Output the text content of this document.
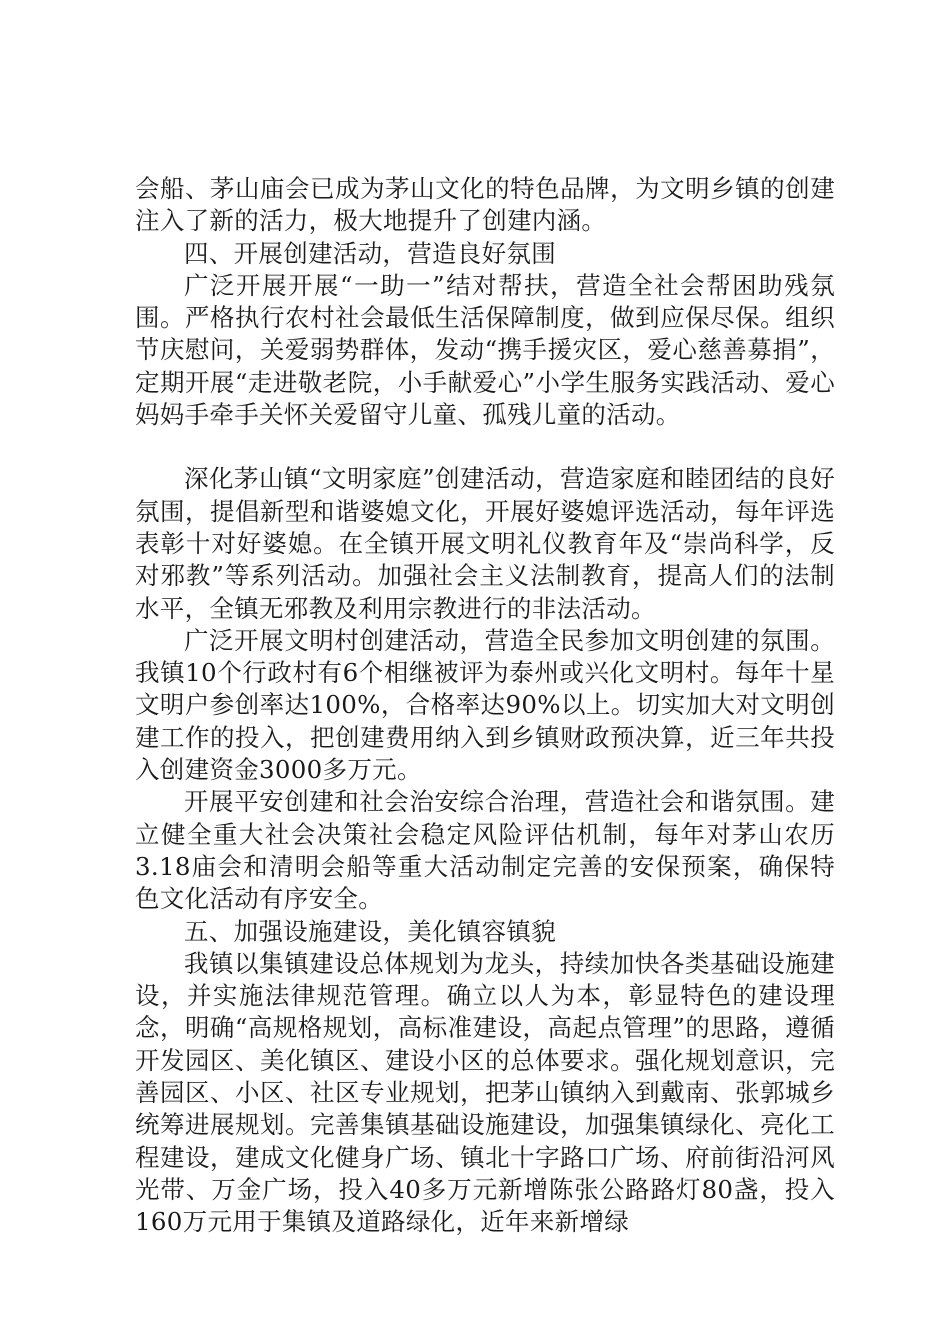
会船、茅山庙会已成为茅山文化的特色品牌，为文明乡镇的创建注入了新的活力，极大地提升了创建内涵。

四、开展创建活动，营造良好氛围

广泛开展开展“一助一”结对帮扶，营造全社会帮困助残氛围。严格执行农村社会最低生活保障制度，做到应保尽保。组织节庆慰问，关爱弱势群体，发动“携手援灾区，爱心慈善募捐”，定期开展“走进敬老院，小手献爱心”小学生服务实践活动、爱心妈妈手牵手关怀关爱留守儿童、孤残儿童的活动。

深化茅山镇“文明家庭”创建活动，营造家庭和睦团结的良好氛围，提倡新型和谐婆媳文化，开展好婆媳评选活动，每年评选表彰十对好婆媳。在全镇开展文明礼仪教育年及“崇尚科学，反对邪教”等系列活动。加强社会主义法制教育，提高人们的法制水平，全镇无邪教及利用宗教进行的非法活动。

广泛开展文明村创建活动，营造全民参加文明创建的氛围。我镇10个行政村有6个相继被评为泰州或兴化文明村。每年十星文明户参创率达100%，合格率达90%以上。切实加大对文明创建工作的投入，把创建费用纳入到乡镇财政预决算，近三年共投入创建资金3000多万元。

开展平安创建和社会治安综合治理，营造社会和谐氛围。建立健全重大社会决策社会稳定风险评估机制，每年对茅山农历3.18庙会和清明会船等重大活动制定完善的安保预案，确保特色文化活动有序安全。

五、加强设施建设，美化镇容镇貌

我镇以集镇建设总体规划为龙头，持续加快各类基础设施建设，并实施法律规范管理。确立以人为本，彰显特色的建设理念，明确“高规格规划，高标准建设，高起点管理”的思路，遵循开发园区、美化镇区、建设小区的总体要求。强化规划意识，完善园区、小区、社区专业规划，把茅山镇纳入到戴南、张郭城乡统筹进展规划。完善集镇基础设施建设，加强集镇绿化、亮化工程建设，建成文化健身广场、镇北十字路口广场、府前街沿河风光带、万金广场，投入40多万元新增陈张公路路灯80盏，投入160万元用于集镇及道路绿化，近年来新增绿
